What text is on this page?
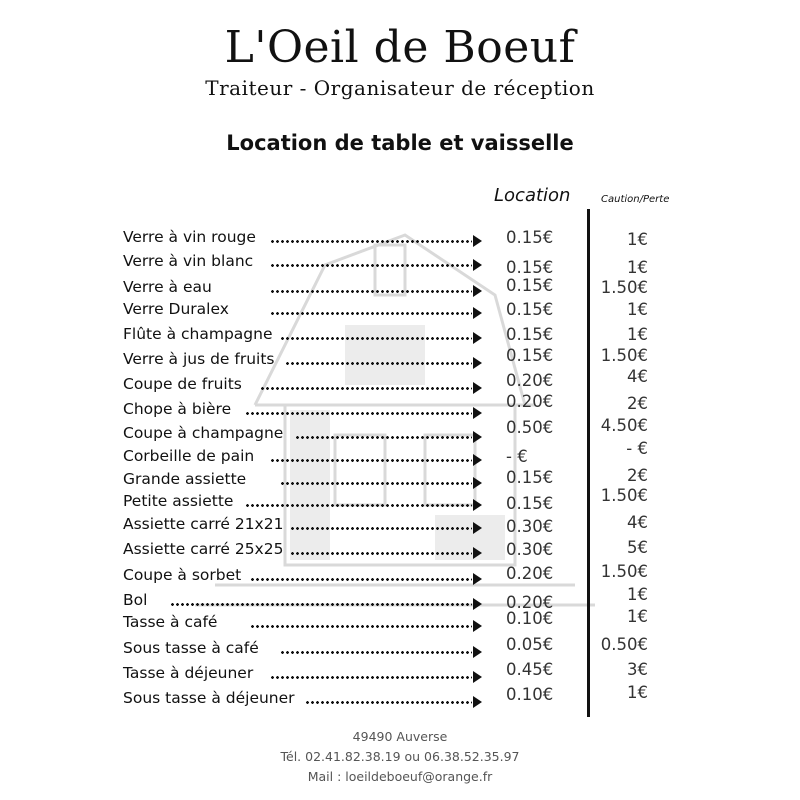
L'Oeil de Boeuf
Traiteur - Organisateur de réception
Location de table et vaisselle
Location	Caution/Perte
Verre à vin rouge	0.15€	1€
Verre à vin blanc	0.15€	1€
Verre à eau	0.15€	1.50€
Verre Duralex	0.15€	1€
Flûte à champagne	0.15€	1€
Verre à jus de fruits	0.15€	1.50€
Coupe de fruits	0.20€	4€
Chope à bière	0.20€	2€
Coupe à champagne	0.50€	4.50€
Corbeille de pain	- €	- €
Grande assiette	0.15€	2€
Petite assiette	0.15€	1.50€
Assiette carré 21x21	0.30€	4€
Assiette carré 25x25	0.30€	5€
Coupe à sorbet	0.20€	1.50€
Bol	0.20€	1€
Tasse à café	0.10€	1€
Sous tasse à café	0.05€	0.50€
Tasse à déjeuner	0.45€	3€
Sous tasse à déjeuner	0.10€	1€
49490 Auverse
Tél. 02.41.82.38.19 ou 06.38.52.35.97
Mail : loeildeboeuf@orange.fr
